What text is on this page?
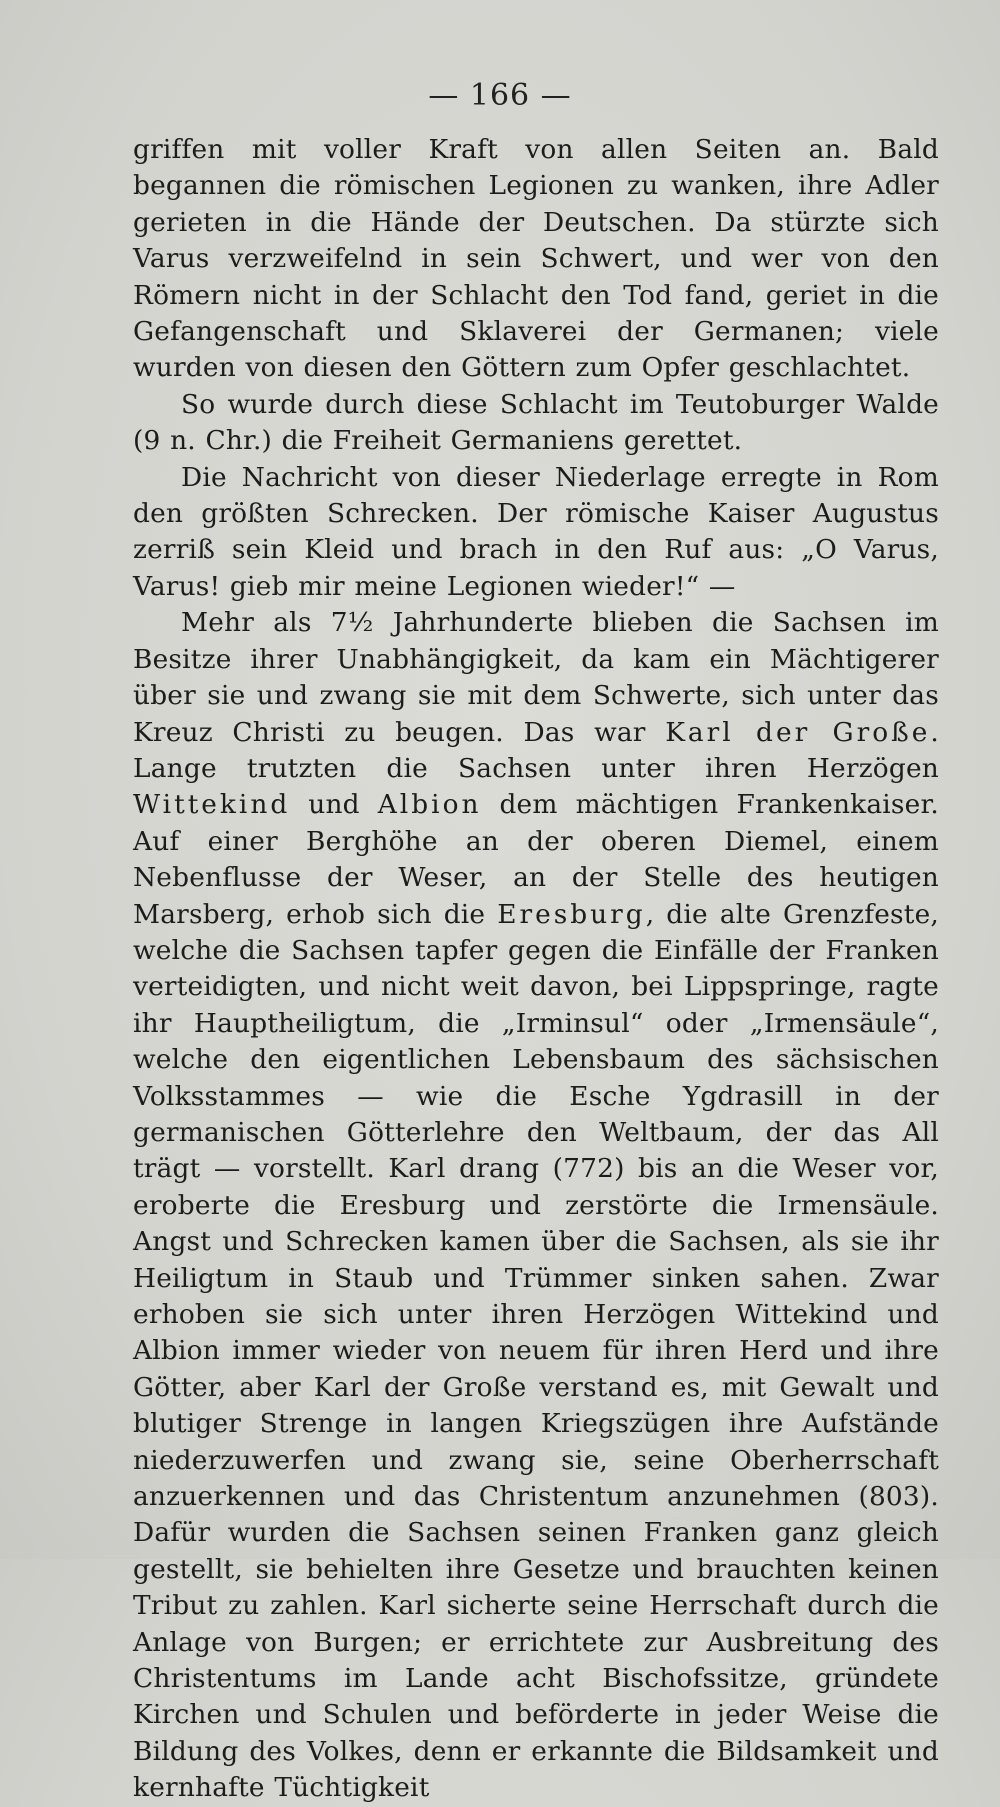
— 166 —

griffen mit voller Kraft von allen Seiten an. Bald begannen die römischen Legionen zu wanken, ihre Adler gerieten in die Hände der Deutschen. Da stürzte sich Varus verzweifelnd in sein Schwert, und wer von den Römern nicht in der Schlacht den Tod fand, geriet in die Gefangenschaft und Sklaverei der Germanen; viele wurden von diesen den Göttern zum Opfer geschlachtet.

So wurde durch diese Schlacht im Teutoburger Walde (9 n. Chr.) die Freiheit Germaniens gerettet.

Die Nachricht von dieser Niederlage erregte in Rom den größten Schrecken. Der römische Kaiser Augustus zerriß sein Kleid und brach in den Ruf aus: „O Varus, Varus! gieb mir meine Legionen wieder!“ —

Mehr als 7½ Jahrhunderte blieben die Sachsen im Besitze ihrer Unabhängigkeit, da kam ein Mächtigerer über sie und zwang sie mit dem Schwerte, sich unter das Kreuz Christi zu beugen. Das war Karl der Große. Lange trutzten die Sachsen unter ihren Herzögen Wittekind und Albion dem mächtigen Frankenkaiser. Auf einer Berghöhe an der oberen Diemel, einem Nebenflusse der Weser, an der Stelle des heutigen Marsberg, erhob sich die Eresburg, die alte Grenzfeste, welche die Sachsen tapfer gegen die Einfälle der Franken verteidigten, und nicht weit davon, bei Lippspringe, ragte ihr Hauptheiligtum, die „Irminsul“ oder „Irmensäule“, welche den eigentlichen Lebensbaum des sächsischen Volksstammes — wie die Esche Ygdrasill in der germanischen Götterlehre den Weltbaum, der das All trägt — vorstellt. Karl drang (772) bis an die Weser vor, eroberte die Eresburg und zerstörte die Irmensäule. Angst und Schrecken kamen über die Sachsen, als sie ihr Heiligtum in Staub und Trümmer sinken sahen. Zwar erhoben sie sich unter ihren Herzögen Wittekind und Albion immer wieder von neuem für ihren Herd und ihre Götter, aber Karl der Große verstand es, mit Gewalt und blutiger Strenge in langen Kriegszügen ihre Aufstände niederzuwerfen und zwang sie, seine Oberherrschaft anzuerkennen und das Christentum anzunehmen (803). Dafür wurden die Sachsen seinen Franken ganz gleich gestellt, sie behielten ihre Gesetze und brauchten keinen Tribut zu zahlen. Karl sicherte seine Herrschaft durch die Anlage von Burgen; er errichtete zur Ausbreitung des Christentums im Lande acht Bischofssitze, gründete Kirchen und Schulen und beförderte in jeder Weise die Bildung des Volkes, denn er erkannte die Bildsamkeit und kernhafte Tüchtigkeit
